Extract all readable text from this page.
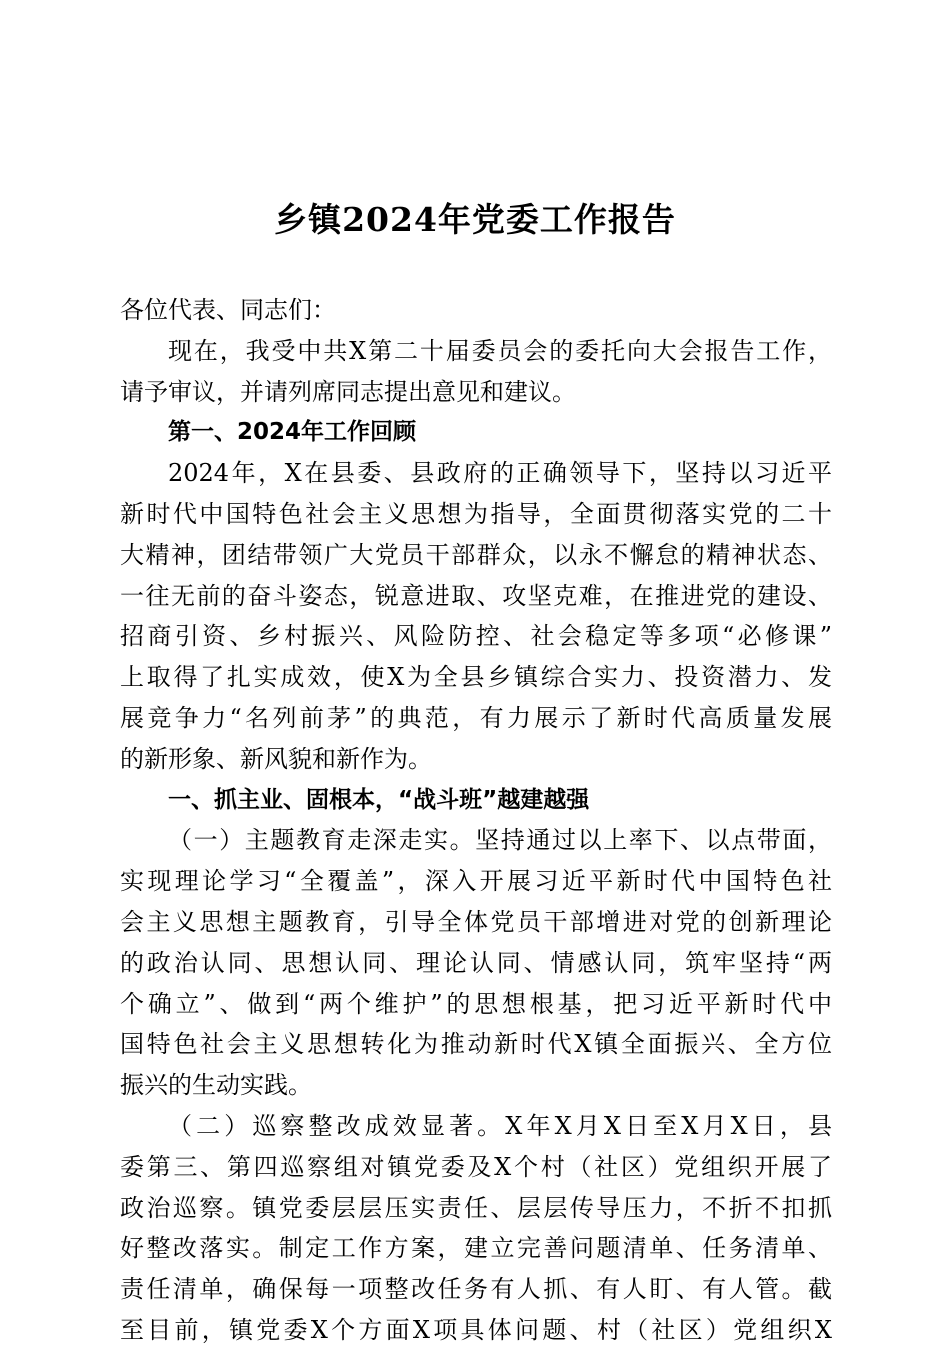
乡镇2024年党委工作报告
各位代表、同志们：
现在，我受中共X第二十届委员会的委托向大会报告工作，
请予审议，并请列席同志提出意见和建议。
第一、2024年工作回顾
2024年，X在县委、县政府的正确领导下，坚持以习近平
新时代中国特色社会主义思想为指导，全面贯彻落实党的二十
大精神，团结带领广大党员干部群众，以永不懈怠的精神状态、
一往无前的奋斗姿态，锐意进取、攻坚克难，在推进党的建设、
招商引资、乡村振兴、风险防控、社会稳定等多项“必修课”
上取得了扎实成效，使X为全县乡镇综合实力、投资潜力、发
展竞争力“名列前茅”的典范，有力展示了新时代高质量发展
的新形象、新风貌和新作为。
一、抓主业、固根本，“战斗班”越建越强
（一）主题教育走深走实。坚持通过以上率下、以点带面，
实现理论学习“全覆盖”，深入开展习近平新时代中国特色社
会主义思想主题教育，引导全体党员干部增进对党的创新理论
的政治认同、思想认同、理论认同、情感认同，筑牢坚持“两
个确立”、做到“两个维护”的思想根基，把习近平新时代中
国特色社会主义思想转化为推动新时代X镇全面振兴、全方位
振兴的生动实践。
（二）巡察整改成效显著。X年X月X日至X月X日，县
委第三、第四巡察组对镇党委及X个村（社区）党组织开展了
政治巡察。镇党委层层压实责任、层层传导压力，不折不扣抓
好整改落实。制定工作方案，建立完善问题清单、任务清单、
责任清单，确保每一项整改任务有人抓、有人盯、有人管。截
至目前，镇党委X个方面X项具体问题、村（社区）党组织X
